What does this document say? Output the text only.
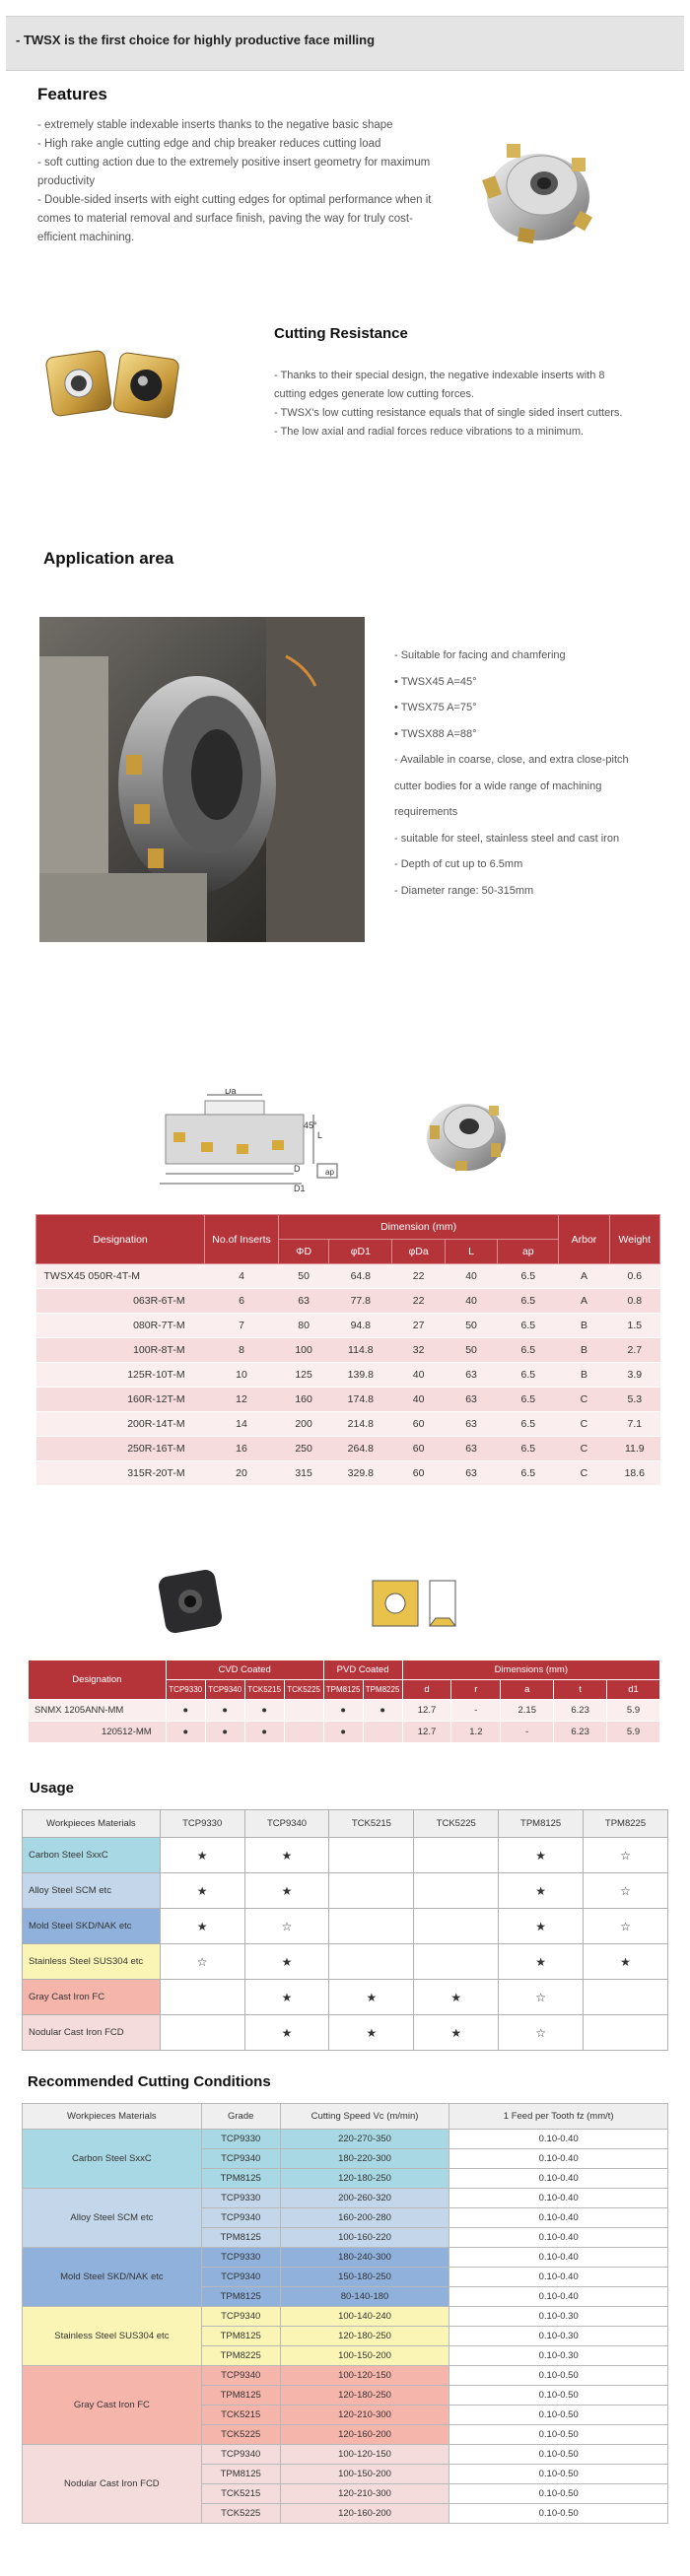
- TWSX is the first choice for highly productive face milling
Features

- extremely stable indexable inserts thanks to the negative basic shape

- High rake angle cutting edge and chip breaker reduces cutting load

- soft cutting action due to the extremely positive insert geometry for maximum

productivity

- Double-sided inserts with eight cutting edges for optimal performance when it

comes to material removal and surface finish, paving the way for truly cost-

efficient machining.

Cutting Resistance

- Thanks to their special design, the negative indexable inserts with 8

cutting edges generate low cutting forces.

- TWSX's low cutting resistance equals that of single sided insert cutters.

- The low axial and radial forces reduce vibrations to a minimum.

Application area

- Suitable for facing and chamfering

• TWSX45 A=45°

• TWSX75 A=75°

• TWSX88 A=88°

- Available in coarse, close, and extra close-pitch

cutter bodies for a wide range of machining

requirements

- suitable for steel, stainless steel and cast iron

- Depth of cut up to 6.5mm

- Diameter range: 50-315mm

Da
L
45°
D
D1
ap
Designation	No.of Inserts	Dimension (mm)					Arbor	Weight
		ΦD	φD1	φDa	L	ap		
TWSX45 050R-4T-M	4	50	64.8	22	40	6.5	A	0.6
063R-6T-M	6	63	77.8	22	40	6.5	A	0.8
080R-7T-M	7	80	94.8	27	50	6.5	B	1.5
100R-8T-M	8	100	114.8	32	50	6.5	B	2.7
125R-10T-M	10	125	139.8	40	63	6.5	B	3.9
160R-12T-M	12	160	174.8	40	63	6.5	C	5.3
200R-14T-M	14	200	214.8	60	63	6.5	C	7.1
250R-16T-M	16	250	264.8	60	63	6.5	C	11.9
315R-20T-M	20	315	329.8	60	63	6.5	C	18.6
Designation	CVD Coated				PVD Coated		Dimensions (mm)				
	TCP9330	TCP9340	TCK5215	TCK5225	TPM8125	TPM8225	d	r	a	t	d1
SNMX 1205ANN-MM	●	●	●		●	●	12.7	-	2.15	6.23	5.9
120512-MM	●	●	●		●		12.7	1.2	-	6.23	5.9
Usage
Workpieces Materials	TCP9330	TCP9340	TCK5215	TCK5225	TPM8125	TPM8225
Carbon Steel SxxC	★	★			★	☆
Alloy Steel SCM etc	★	★			★	☆
Mold Steel SKD/NAK etc	★	☆			★	☆
Stainless Steel SUS304 etc	☆	★			★	★
Gray Cast Iron FC		★	★	★	☆	
Nodular Cast Iron FCD		★	★	★	☆	
Recommended Cutting Conditions
Workpieces Materials	Grade	Cutting Speed Vc (m/min)	1 Feed per Tooth fz (mm/t)
Carbon Steel SxxC	TCP9330	220-270-350	0.10-0.40
	TCP9340	180-220-300	0.10-0.40
	TPM8125	120-180-250	0.10-0.40
Alloy Steel SCM etc	TCP9330	200-260-320	0.10-0.40
	TCP9340	160-200-280	0.10-0.40
	TPM8125	100-160-220	0.10-0.40
Mold Steel SKD/NAK etc	TCP9330	180-240-300	0.10-0.40
	TCP9340	150-180-250	0.10-0.40
	TPM8125	80-140-180	0.10-0.40
Stainless Steel SUS304 etc	TCP9340	100-140-240	0.10-0.30
	TPM8125	120-180-250	0.10-0.30
	TPM8225	100-150-200	0.10-0.30
Gray Cast Iron FC	TCP9340	100-120-150	0.10-0.50
	TPM8125	120-180-250	0.10-0.50
	TCK5215	120-210-300	0.10-0.50
	TCK5225	120-160-200	0.10-0.50
Nodular Cast Iron FCD	TCP9340	100-120-150	0.10-0.50
	TPM8125	100-150-200	0.10-0.50
	TCK5215	120-210-300	0.10-0.50
	TCK5225	120-160-200	0.10-0.50
